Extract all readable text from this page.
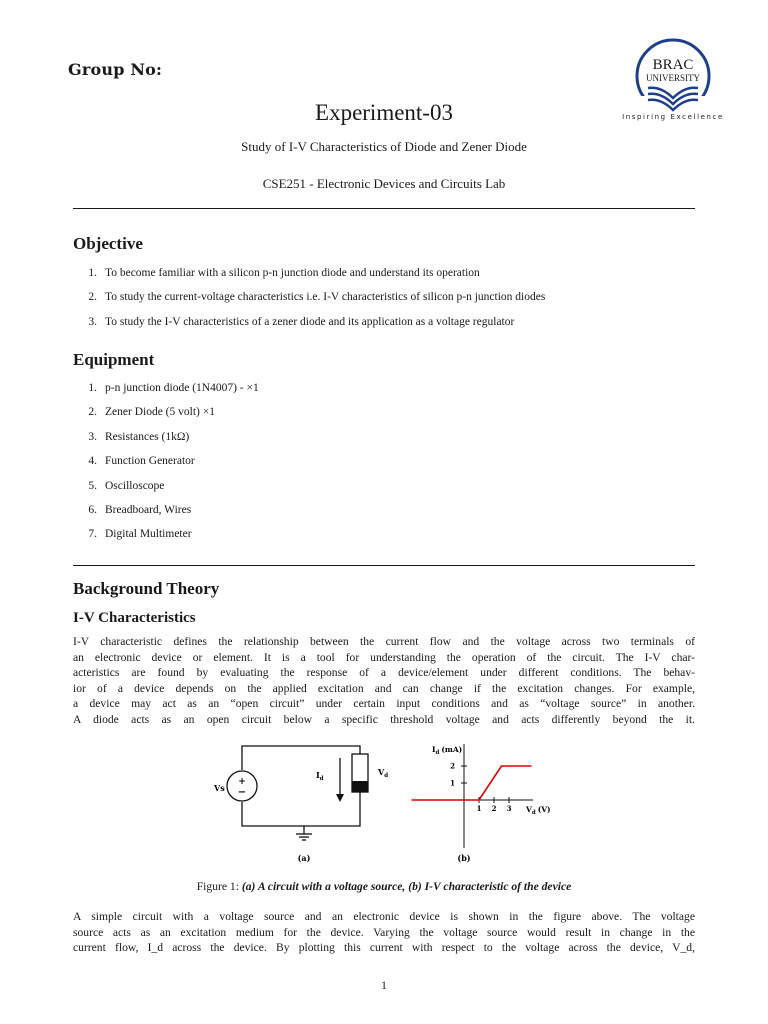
Group No:	BRAC
UNIVERSITY
Inspiring Excellence
Experiment-03
Study of I-V Characteristics of Diode and Zener Diode
CSE251 - Electronic Devices and Circuits Lab
Objective
1. To become familiar with a silicon p-n junction diode and understand its operation
2. To study the current-voltage characteristics i.e. I-V characteristics of silicon p-n junction diodes
3. To study the I-V characteristics of a zener diode and its application as a voltage regulator
Equipment
1. p-n junction diode (1N4007) - ×1
2. Zener Diode (5 volt) ×1
3. Resistances (1kΩ)
4. Function Generator
5. Oscilloscope
6. Breadboard, Wires
7. Digital Multimeter
Background Theory
I-V Characteristics
I-V characteristic defines the relationship between the current flow and the voltage across two terminals of
an electronic device or element. It is a tool for understanding the operation of the circuit. The I-V char-
acteristics are found by evaluating the response of a device/element under different conditions. The behav-
ior of a device depends on the applied excitation and can change if the excitation changes. For example,
a device may act as an “open circuit” under certain input conditions and as “voltage source” in another.
A diode acts as an open circuit below a specific threshold voltage and acts differently beyond the it.
+
−
Vs
$I_d$
$V_d$
(a)
1 2 3
1
2
$I_d$ (mA)
$V_d$ (V)
(b)
Figure 1: (a) A circuit with a voltage source, (b) I-V characteristic of the device
A simple circuit with a voltage source and an electronic device is shown in the figure above. The voltage
source acts as an excitation medium for the device. Varying the voltage source would result in change in the
current flow, I_d across the device. By plotting this current with respect to the voltage across the device, V_d,
1
